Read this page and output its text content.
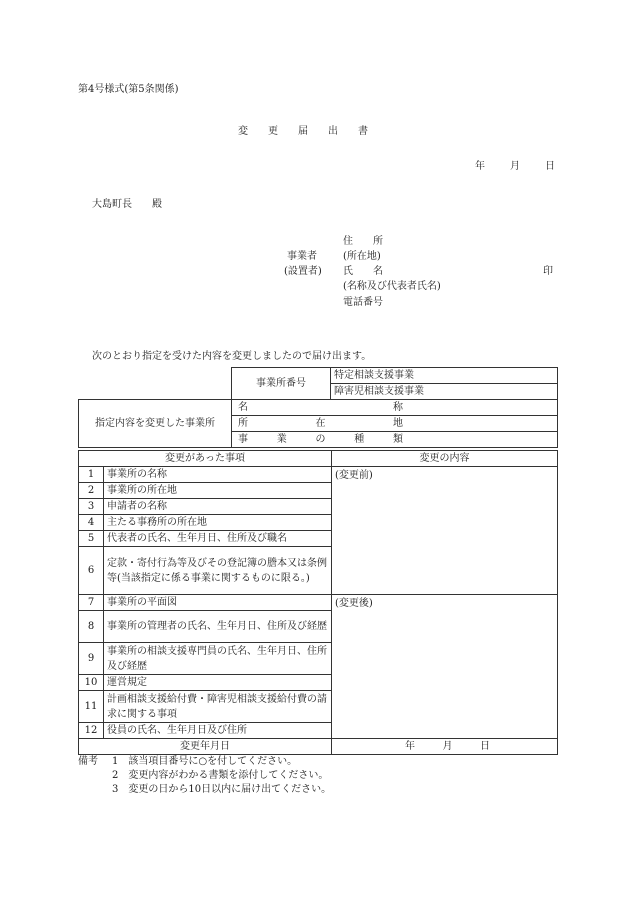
第4号様式(第5条関係)
変更届出書
年	月	日
大島町長　　殿
住　　所
事業者	(所在地)
(設置者) 氏　　名	印
(名称及び代表者氏名)
電話番号
次のとおり指定を受けた内容を変更しましたので届け出ます。
事業所番号	特定相談支援事業
障害児相談支援事業
指定内容を変更した事業所	
名	称

所	在	地

事	業	の	種	類
変更があった事項		変更の内容
1	事業所の名称	(変更前)
2	事業所の所在地	
3	申請者の名称	
4	主たる事務所の所在地	
5	代表者の氏名、生年月日、住所及び職名	
6	定款・寄付行為等及びその登記簿の謄本又は条例等(当該指定に係る事業に関するものに限る。)	
7	事業所の平面図	(変更後)
8	事業所の管理者の氏名、生年月日、住所及び経歴	
9	事業所の相談支援専門員の氏名、生年月日、住所及び経歴	
10	運営規定	
11	計画相談支援給付費・障害児相談支援給付費の請求に関する事項	
12	役員の氏名、生年月日及び住所	
変更年月日		年 月 日
備考 1　該当項目番号に○を付してください。
2　変更内容がわかる書類を添付してください。
3　変更の日から10日以内に届け出てください。
